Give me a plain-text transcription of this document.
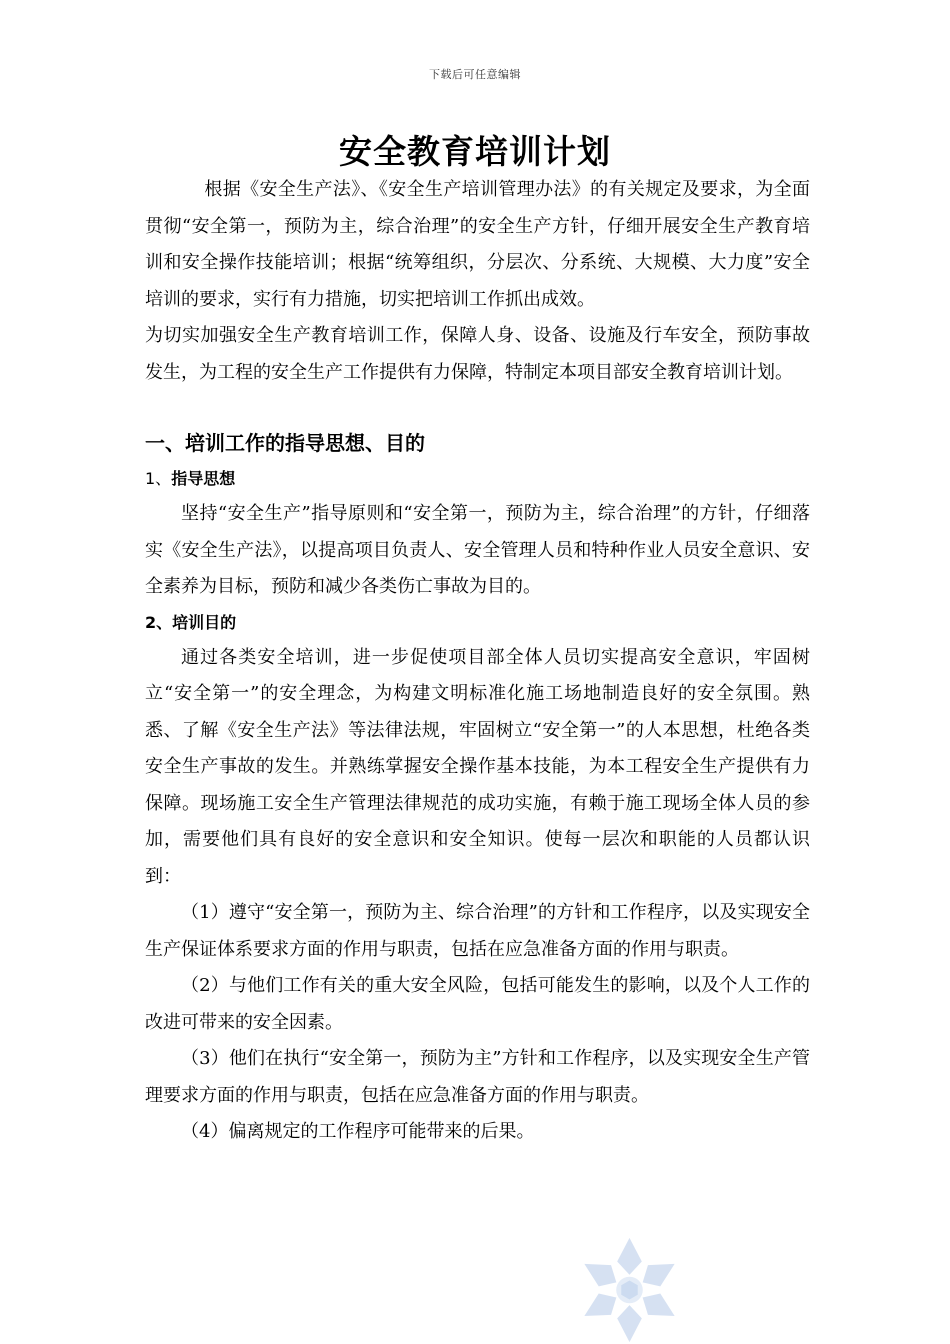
下载后可任意编辑
安全教育培训计划

根据《安全生产法》、《安全生产培训管理办法》的有关规定及要求，为全面贯彻“安全第一，预防为主，综合治理”的安全生产方针，仔细开展安全生产教育培训和安全操作技能培训；根据“统筹组织，分层次、分系统、大规模、大力度”安全培训的要求，实行有力措施，切实把培训工作抓出成效。

为切实加强安全生产教育培训工作，保障人身、设备、设施及行车安全，预防事故发生，为工程的安全生产工作提供有力保障，特制定本项目部安全教育培训计划。

一、培训工作的指导思想、目的

1、指导思想

坚持“安全生产”指导原则和“安全第一，预防为主，综合治理”的方针，仔细落实《安全生产法》，以提高项目负责人、安全管理人员和特种作业人员安全意识、安全素养为目标，预防和减少各类伤亡事故为目的。

2、培训目的

通过各类安全培训，进一步促使项目部全体人员切实提高安全意识，牢固树立“安全第一”的安全理念，为构建文明标准化施工场地制造良好的安全氛围。熟悉、了解《安全生产法》等法律法规，牢固树立“安全第一”的人本思想，杜绝各类安全生产事故的发生。并熟练掌握安全操作基本技能，为本工程安全生产提供有力保障。现场施工安全生产管理法律规范的成功实施，有赖于施工现场全体人员的参加，需要他们具有良好的安全意识和安全知识。使每一层次和职能的人员都认识到：

（1）遵守“安全第一，预防为主、综合治理”的方针和工作程序，以及实现安全生产保证体系要求方面的作用与职责，包括在应急准备方面的作用与职责。

（2）与他们工作有关的重大安全风险，包括可能发生的影响，以及个人工作的改进可带来的安全因素。

（3）他们在执行“安全第一，预防为主”方针和工作程序，以及实现安全生产管理要求方面的作用与职责，包括在应急准备方面的作用与职责。

（4）偏离规定的工作程序可能带来的后果。
